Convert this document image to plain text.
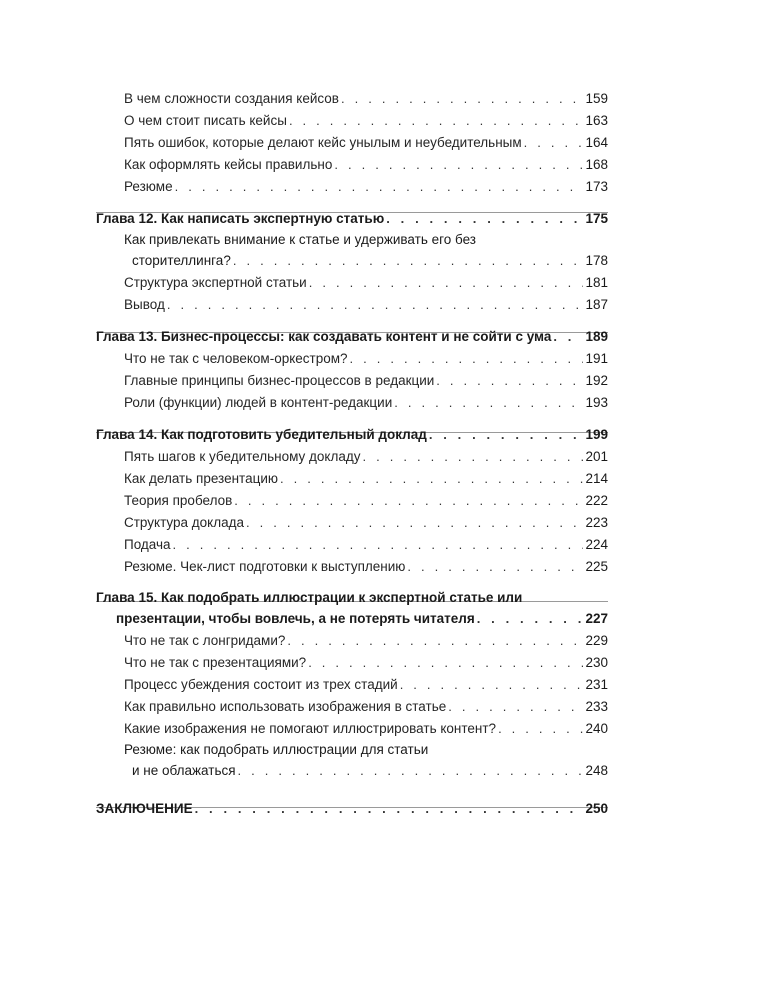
В чем сложности создания кейсов . . .	159
О чем стоит писать кейсы . . .	163
Пять ошибок, которые делают кейс унылым и неубедительным . . .	164
Как оформлять кейсы правильно . . .	168
Резюме . . .	173
Глава 12. Как написать экспертную статью . . .	175
Как привлекать внимание к статье и удерживать его без
сторителлинга? . . .	178
Структура экспертной статьи . . .	181
Вывод . . .	187
Глава 13. Бизнес-процессы: как создавать контент и не сойти с ума . . .	189
Что не так с человеком-оркестром? . . .	191
Главные принципы бизнес-процессов в редакции . . .	192
Роли (функции) людей в контент-редакции . . .	193
Глава 14. Как подготовить убедительный доклад . . .	199
Пять шагов к убедительному докладу . . .	201
Как делать презентацию . . .	214
Теория пробелов . . .	222
Структура доклада . . .	223
Подача . . .	224
Резюме. Чек-лист подготовки к выступлению . . .	225
Глава 15. Как подобрать иллюстрации к экспертной статье или
презентации, чтобы вовлечь, а не потерять читателя . . .	227
Что не так с лонгридами? . . .	229
Что не так с презентациями? . . .	230
Процесс убеждения состоит из трех стадий . . .	231
Как правильно использовать изображения в статье . . .	233
Какие изображения не помогают иллюстрировать контент? . . .	240
Резюме: как подобрать иллюстрации для статьи
и не облажаться . . .	248
ЗАКЛЮЧЕНИЕ . . .	250
